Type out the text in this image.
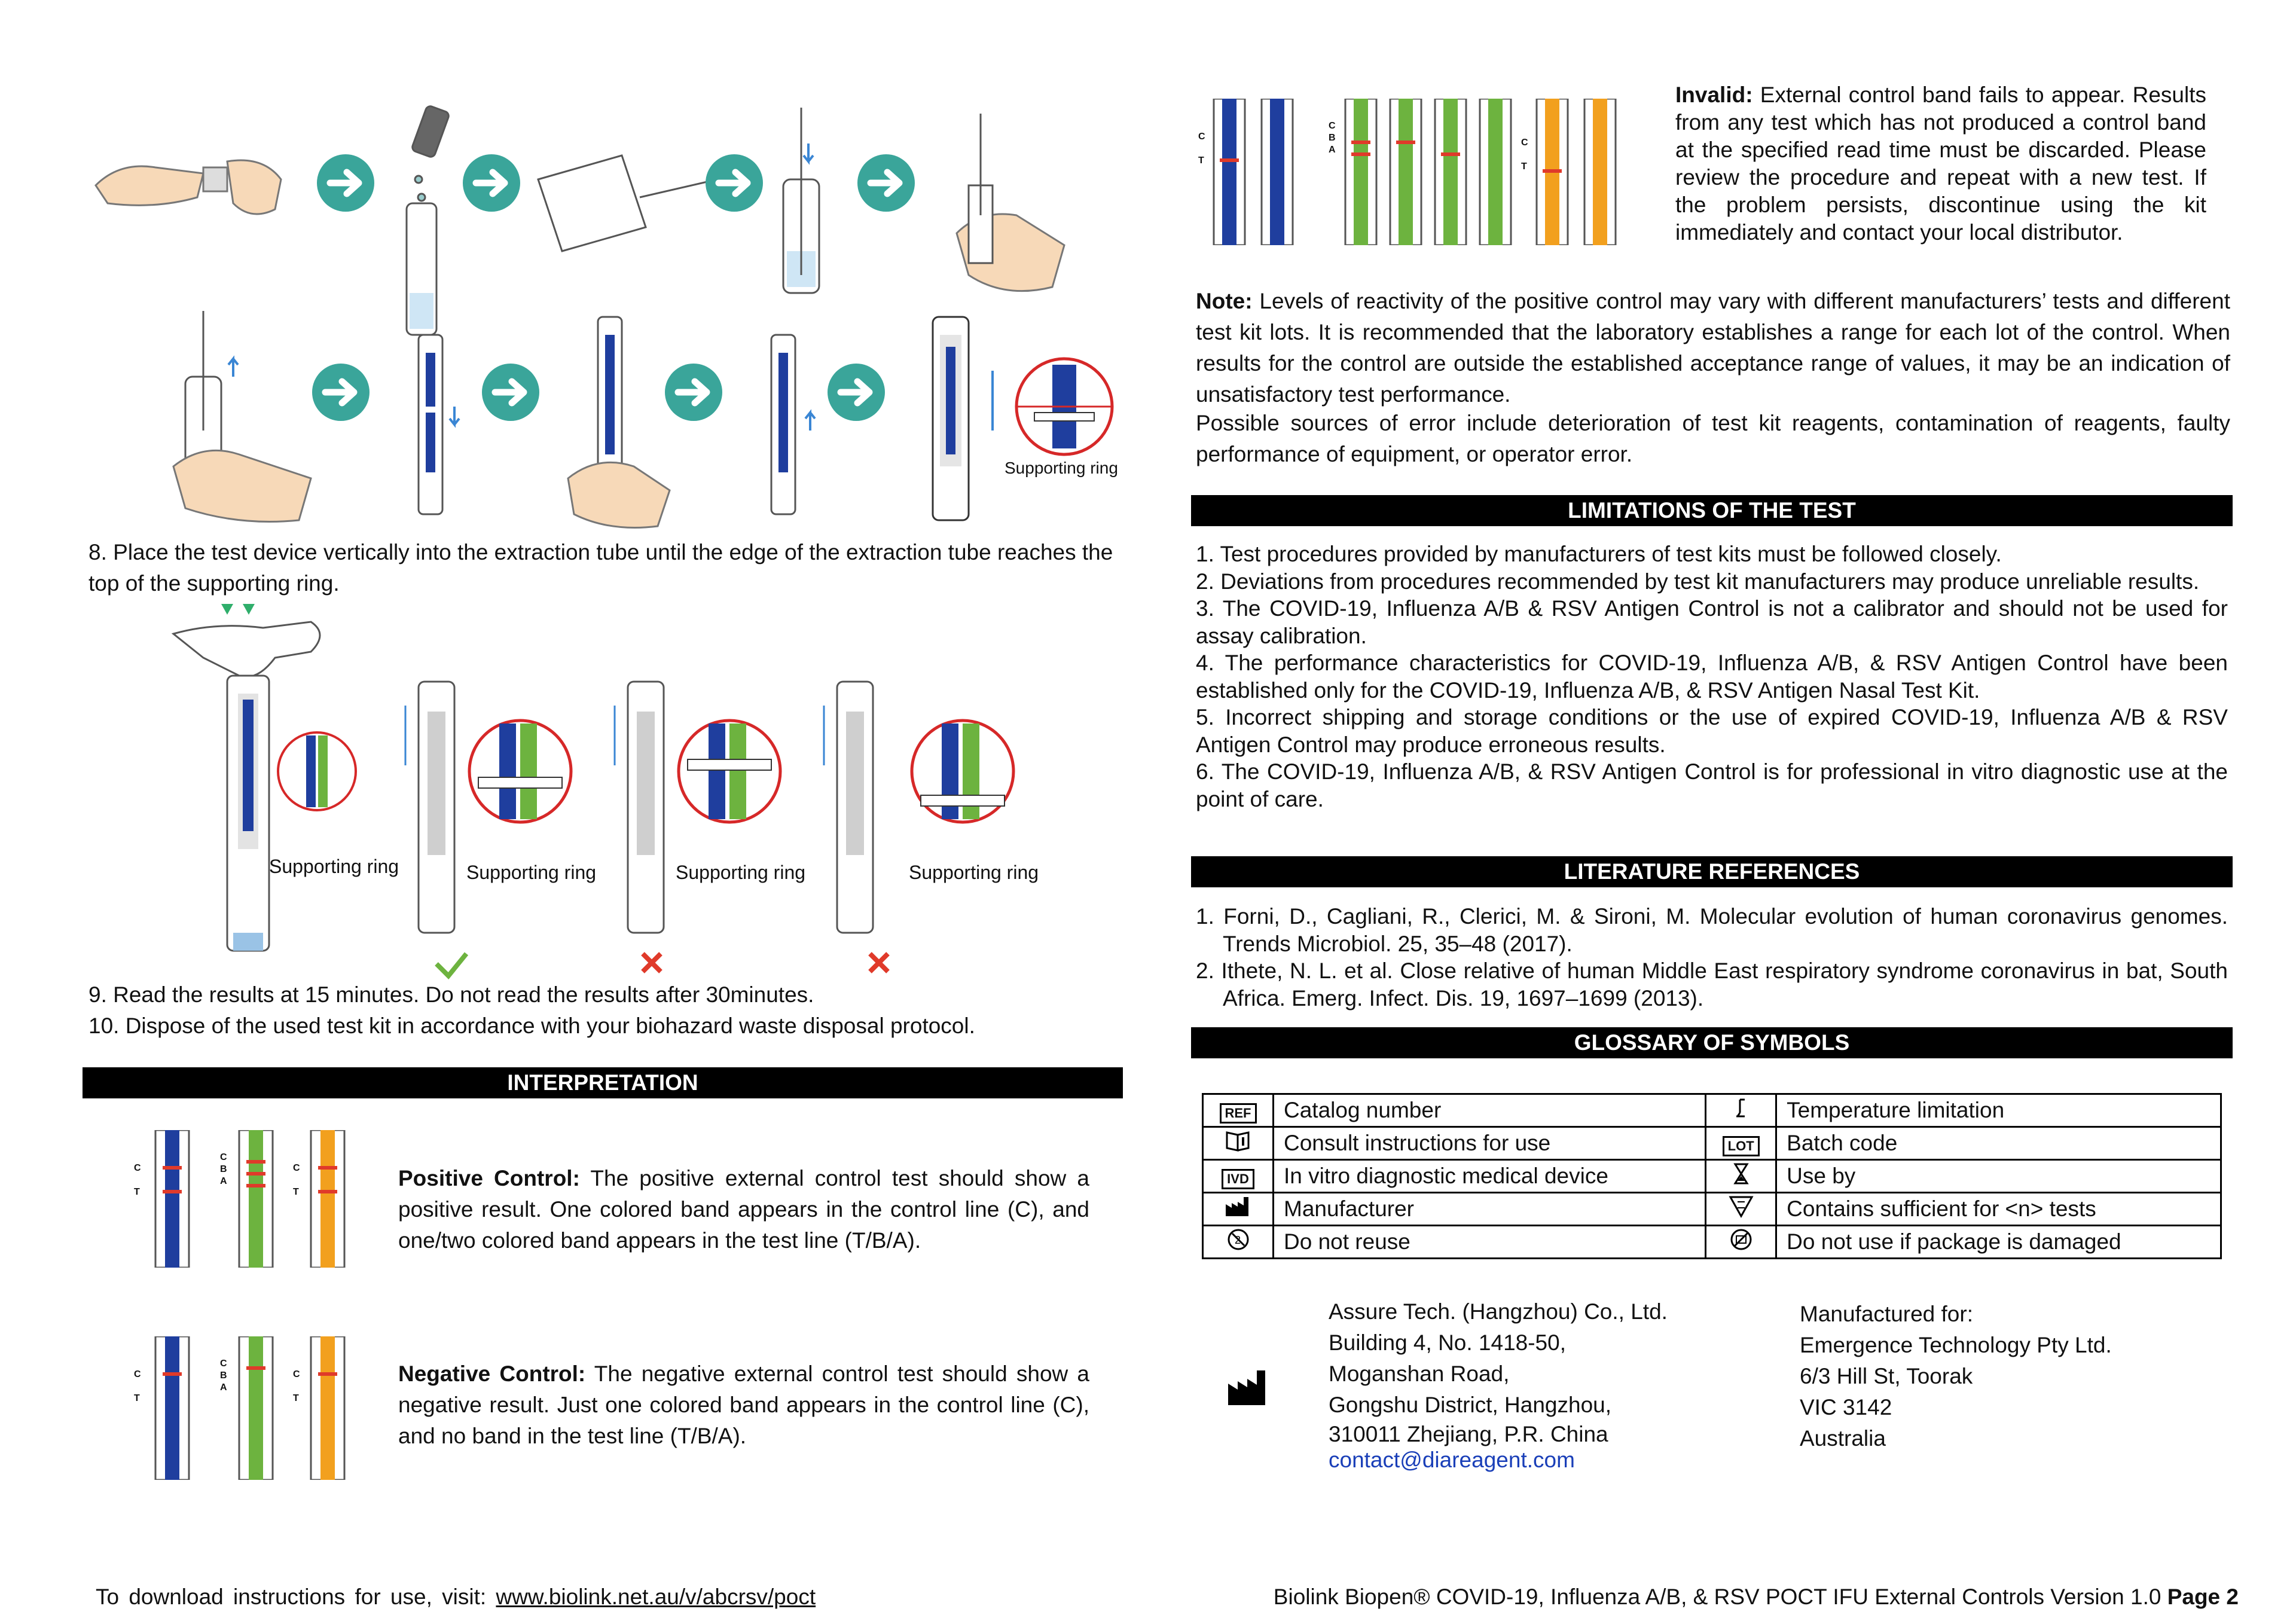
Supporting ring
8. Place the test device vertically into the extraction tube until the edge of the extraction tube reaches the top of the supporting ring.
Supporting ring	Supporting ring	Supporting ring	Supporting ring
9. Read the results at 15 minutes. Do not read the results after 30minutes.
10. Dispose of the used test kit in accordance with your biohazard waste disposal protocol.
INTERPRETATION
C
T
C
B
A
C
T
Positive Control: The positive external control test should show a positive result. One colored band appears in the control line (C), and one/two colored band appears in the test line (T/B/A).
C
T
C
B
A
C
T
Negative Control: The negative external control test should show a negative result. Just one colored band appears in the control line (C), and no band in the test line (T/B/A).
C
T
C
B
A
C
T
Invalid: External control band fails to appear. Results from any test which has not produced a control band at the specified read time must be discarded. Please review the procedure and repeat with a new test. If the problem persists, discontinue using the kit immediately and contact your local distributor.
Note: Levels of reactivity of the positive control may vary with different manufacturers’ tests and different test kit lots. It is recommended that the laboratory establishes a range for each lot of the control. When results for the control are outside the established acceptance range of values, it may be an indication of unsatisfactory test performance.
Possible sources of error include deterioration of test kit reagents, contamination of reagents, faulty performance of equipment, or operator error.
LIMITATIONS OF THE TEST

1. Test procedures provided by manufacturers of test kits must be followed closely.

2. Deviations from procedures recommended by test kit manufacturers may produce unreliable results.

3. The COVID-19, Influenza A/B & RSV Antigen Control is not a calibrator and should not be used for assay calibration.

4. The performance characteristics for COVID-19, Influenza A/B, & RSV Antigen Control have been established only for the COVID-19, Influenza A/B, & RSV Antigen Nasal Test Kit.

5. Incorrect shipping and storage conditions or the use of expired COVID-19, Influenza A/B & RSV Antigen Control may produce erroneous results.

6. The COVID-19, Influenza A/B, & RSV Antigen Control is for professional in vitro diagnostic use at the point of care.

LITERATURE REFERENCES

1. Forni, D., Cagliani, R., Clerici, M. & Sironi, M. Molecular evolution of human coronavirus genomes. Trends Microbiol. 25, 35–48 (2017).

2. Ithete, N. L. et al. Close relative of human Middle East respiratory syndrome coronavirus in bat, South Africa. Emerg. Infect. Dis. 19, 1697–1699 (2013).

GLOSSARY OF SYMBOLS
REF	Catalog number		Temperature limitation
	Consult instructions for use	LOT	Batch code
IVD	In vitro diagnostic medical device		Use by
	Manufacturer		Contains sufficient for <n> tests

2	Do not reuse		Do not use if package is damaged
Assure Tech. (Hangzhou) Co., Ltd.
Building 4, No. 1418-50,
Moganshan Road,
Gongshu District, Hangzhou,
310011 Zhejiang, P.R. China
contact@diareagent.com
Manufactured for:
Emergence Technology Pty Ltd.
6/3 Hill St, Toorak
VIC 3142
Australia
To download instructions for use, visit: www.biolink.net.au/v/abcrsv/poct	Biolink Biopen® COVID-19, Influenza A/B, & RSV POCT IFU External Controls Version 1.0 Page 2
